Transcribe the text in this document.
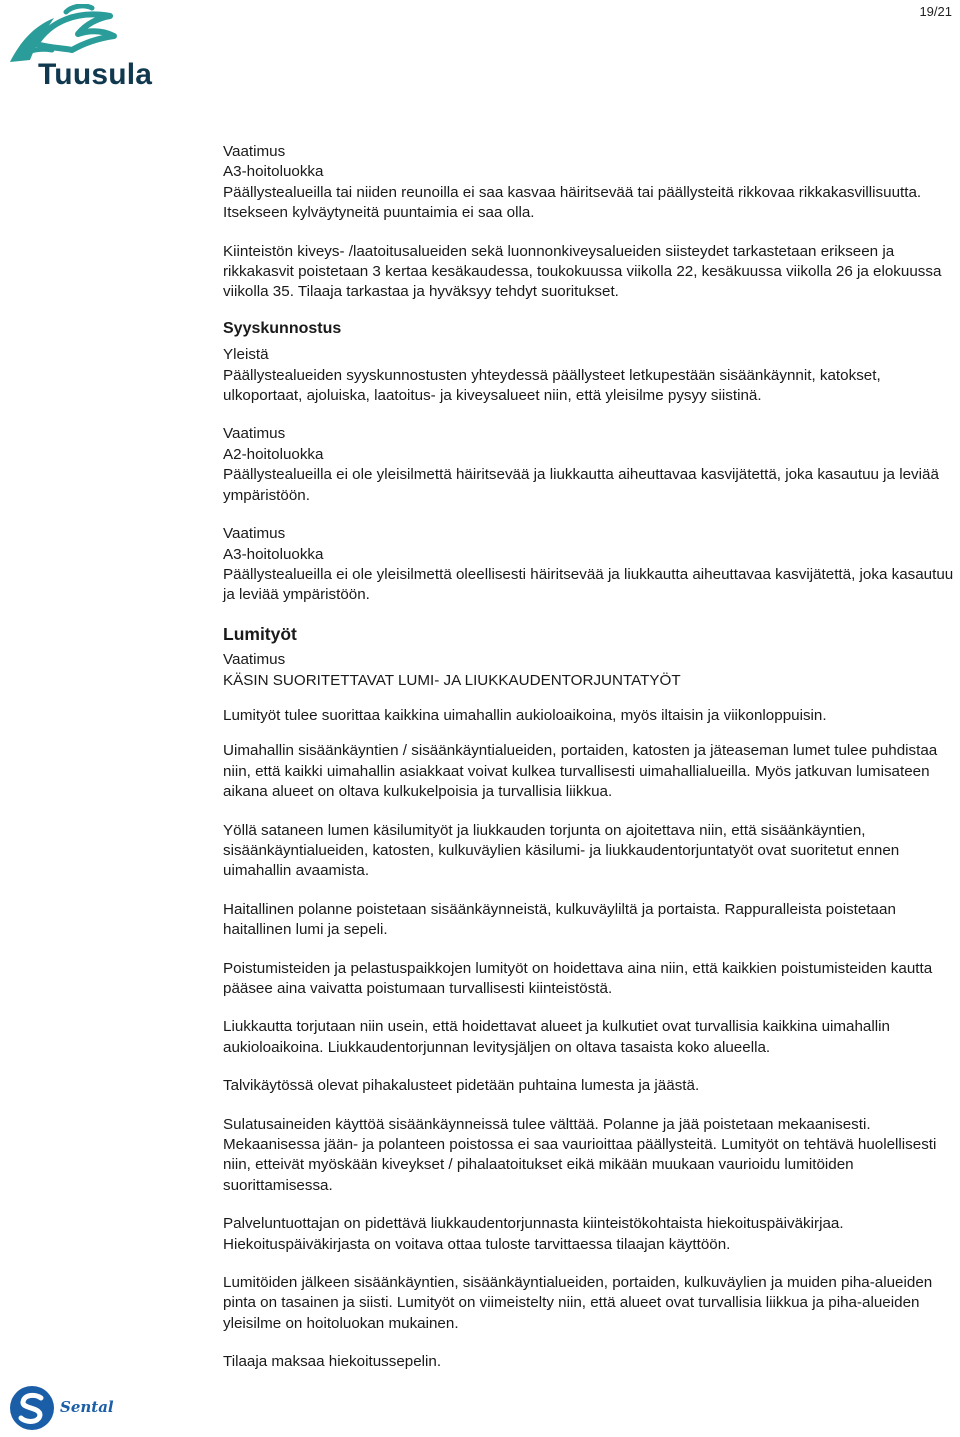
19/21
Tuusula

Vaatimus

A3-hoitoluokka

Päällystealueilla tai niiden reunoilla ei saa kasvaa häiritsevää tai päällysteitä rikkovaa rikkakasvillisuutta. Itsekseen kylväytyneitä puuntaimia ei saa olla.

Kiinteistön kiveys- /laatoitusalueiden sekä luonnonkiveysalueiden siisteydet tarkastetaan erikseen ja rikkakasvit poistetaan 3 kertaa kesäkaudessa, toukokuussa viikolla 22, kesäkuussa viikolla 26 ja elokuussa viikolla 35. Tilaaja tarkastaa ja hyväksyy tehdyt suoritukset.

Syyskunnostus

Yleistä

Päällystealueiden syyskunnostusten yhteydessä päällysteet letkupestään sisäänkäynnit, katokset, ulkoportaat, ajoluiska, laatoitus- ja kiveysalueet niin, että yleisilme pysyy siistinä.

Vaatimus

A2-hoitoluokka

Päällystealueilla ei ole yleisilmettä häiritsevää ja liukkautta aiheuttavaa kasvijätettä, joka kasautuu ja leviää ympäristöön.

Vaatimus

A3-hoitoluokka

Päällystealueilla ei ole yleisilmettä oleellisesti häiritsevää ja liukkautta aiheuttavaa kasvijätettä, joka kasautuu ja leviää ympäristöön.

Lumityöt

Vaatimus

KÄSIN SUORITETTAVAT LUMI- JA LIUKKAUDENTORJUNTATYÖT

Lumityöt tulee suorittaa kaikkina uimahallin aukioloaikoina, myös iltaisin ja viikonloppuisin.

Uimahallin sisäänkäyntien / sisäänkäyntialueiden, portaiden, katosten ja jäteaseman lumet tulee puhdistaa niin, että kaikki uimahallin asiakkaat voivat kulkea turvallisesti uimahallialueilla. Myös jatkuvan lumisateen aikana alueet on oltava kulkukelpoisia ja turvallisia liikkua.

Yöllä sataneen lumen käsilumityöt ja liukkauden torjunta on ajoitettava niin, että sisäänkäyntien, sisäänkäyntialueiden, katosten, kulkuväylien käsilumi- ja liukkaudentorjuntatyöt ovat suoritetut ennen uimahallin avaamista.

Haitallinen polanne poistetaan sisäänkäynneistä, kulkuväyliltä ja portaista. Rappuralleista poistetaan haitallinen lumi ja sepeli.

Poistumisteiden ja pelastuspaikkojen lumityöt on hoidettava aina niin, että kaikkien poistumisteiden kautta pääsee aina vaivatta poistumaan turvallisesti kiinteistöstä.

Liukkautta torjutaan niin usein, että hoidettavat alueet ja kulkutiet ovat turvallisia kaikkina uimahallin aukioloaikoina. Liukkaudentorjunnan levitysjäljen on oltava tasaista koko alueella.

Talvikäytössä olevat pihakalusteet pidetään puhtaina lumesta ja jäästä.

Sulatusaineiden käyttöä sisäänkäynneissä tulee välttää. Polanne ja jää poistetaan mekaanisesti. Mekaanisessa jään- ja polanteen poistossa ei saa vaurioittaa päällysteitä. Lumityöt on tehtävä huolellisesti niin, etteivät myöskään kiveykset / pihalaatoitukset eikä mikään muukaan vaurioidu lumitöiden suorittamisessa.

Palveluntuottajan on pidettävä liukkaudentorjunnasta kiinteistökohtaista hiekoituspäiväkirjaa. Hiekoituspäiväkirjasta on voitava ottaa tuloste tarvittaessa tilaajan käyttöön.

Lumitöiden jälkeen sisäänkäyntien, sisäänkäyntialueiden, portaiden, kulkuväylien ja muiden piha-alueiden pinta on tasainen ja siisti. Lumityöt on viimeistelty niin, että alueet ovat turvallisia liikkua ja piha-alueiden yleisilme on hoitoluokan mukainen.

Tilaaja maksaa hiekoitussepelin.

Sental
